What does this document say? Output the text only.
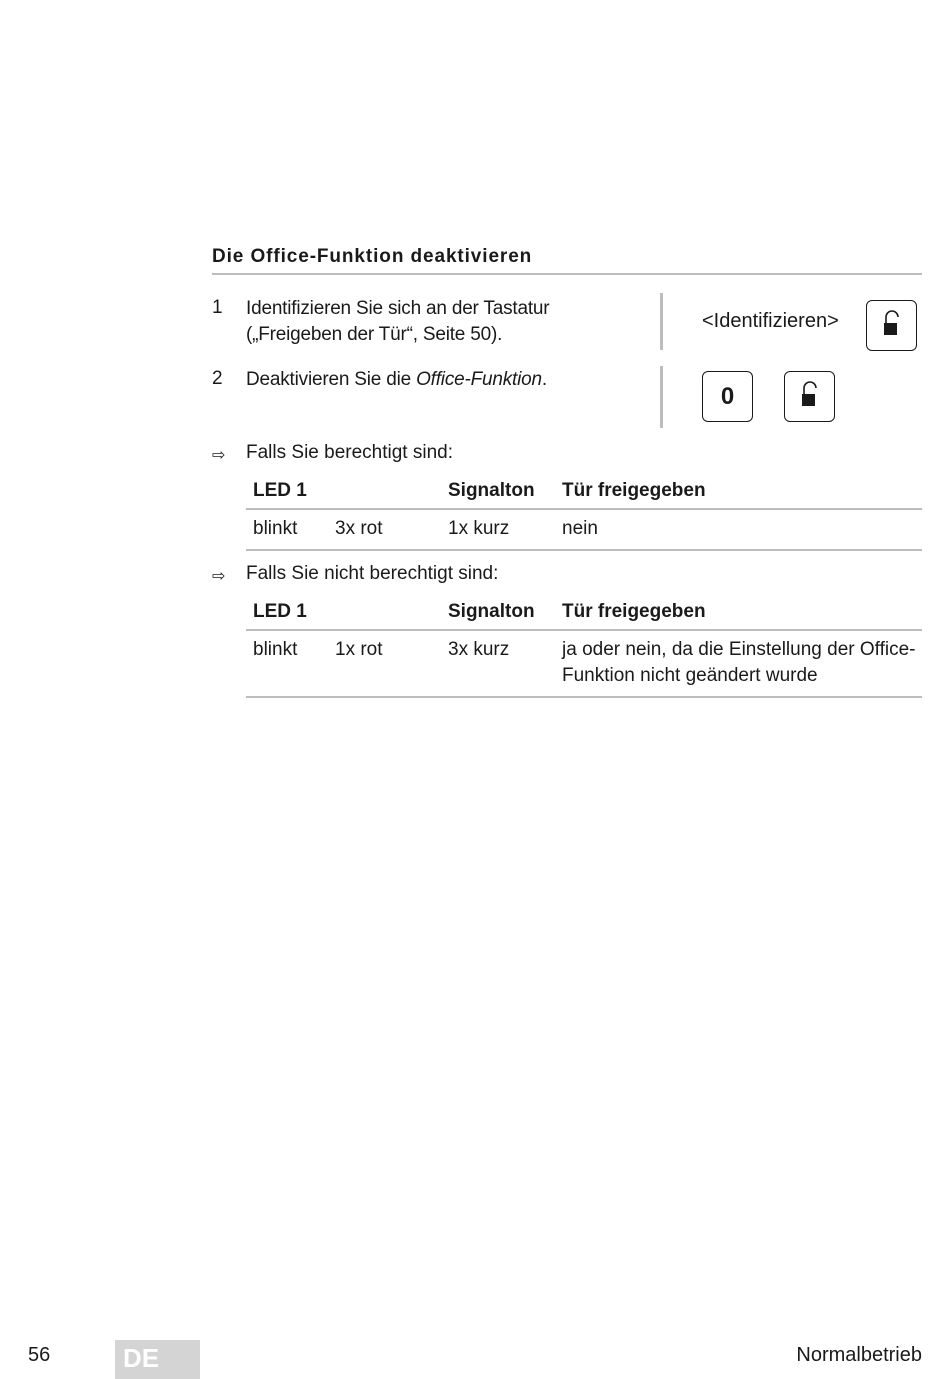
Die Office-Funktion deaktivieren
1 Identifizieren Sie sich an der Tastatur
(„Freigeben der Tür“, Seite 50).
<Identifizieren>
2 Deaktivieren Sie die Office-Funktion.
0
⇨ Falls Sie berechtigt sind:
LED 1		Signalton	Tür freigegeben
blinkt	3x rot	1x kurz	nein
⇨ Falls Sie nicht berechtigt sind:
LED 1		Signalton	Tür freigegeben
blinkt	1x rot	3x kurz	ja oder nein, da die Einstellung der Office-Funktion nicht geändert wurde
56	DE	Normalbetrieb
